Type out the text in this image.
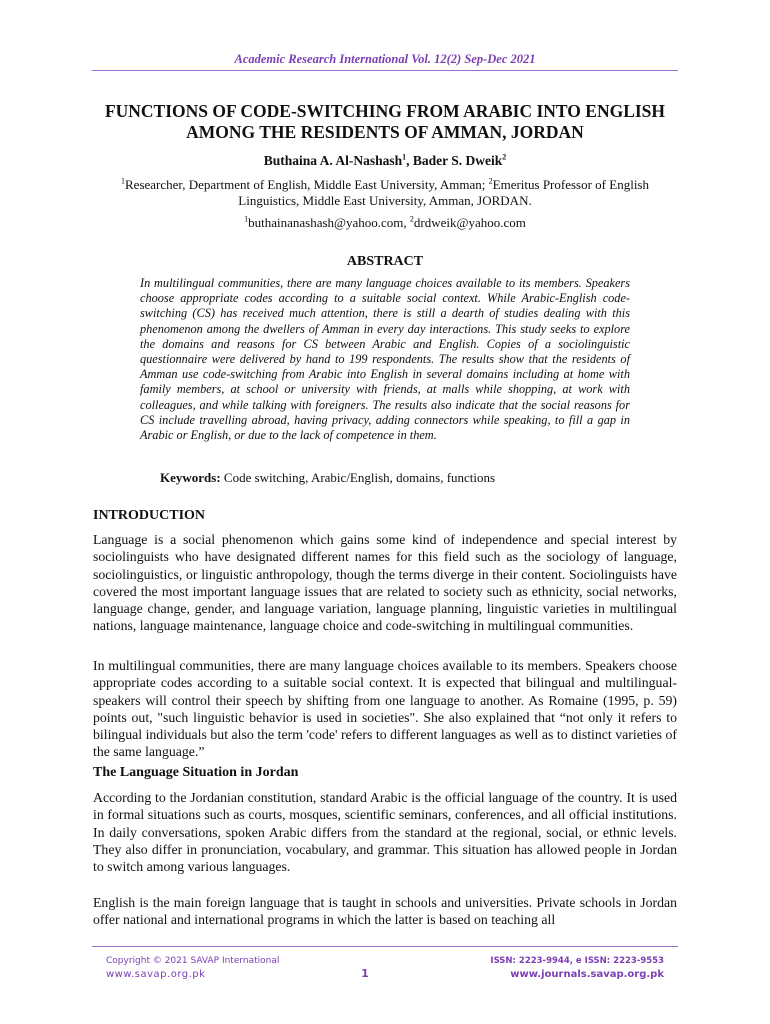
Academic Research International Vol. 12(2) Sep-Dec 2021
FUNCTIONS OF CODE-SWITCHING FROM ARABIC INTO ENGLISH AMONG THE RESIDENTS OF AMMAN, JORDAN
Buthaina A. Al-Nashash$^1$, Bader S. Dweik$^2$
$^1$Researcher, Department of English, Middle East University, Amman; $^2$Emeritus Professor of English Linguistics, Middle East University, Amman, JORDAN.
$^1$buthainanashash@yahoo.com, $^2$drdweik@yahoo.com
ABSTRACT
In multilingual communities, there are many language choices available to its members. Speakers choose appropriate codes according to a suitable social context. While Arabic-English code-switching (CS) has received much attention, there is still a dearth of studies dealing with this phenomenon among the dwellers of Amman in every day interactions. This study seeks to explore the domains and reasons for CS between Arabic and English. Copies of a sociolinguistic questionnaire were delivered by hand to 199 respondents. The results show that the residents of Amman use code-switching from Arabic into English in several domains including at home with family members, at school or university with friends, at malls while shopping, at work with colleagues, and while talking with foreigners. The results also indicate that the social reasons for CS include travelling abroad, having privacy, adding connectors while speaking, to fill a gap in Arabic or English, or due to the lack of competence in them.
Keywords: Code switching, Arabic/English, domains, functions
INTRODUCTION
Language is a social phenomenon which gains some kind of independence and special interest by sociolinguists who have designated different names for this field such as the sociology of language, sociolinguistics, or linguistic anthropology, though the terms diverge in their content. Sociolinguists have covered the most important language issues that are related to society such as ethnicity, social networks, language change, gender, and language variation, language planning, linguistic varieties in multilingual nations, language maintenance, language choice and code-switching in multilingual communities.
In multilingual communities, there are many language choices available to its members. Speakers choose appropriate codes according to a suitable social context. It is expected that bilingual and multilingual-speakers will control their speech by shifting from one language to another. As Romaine (1995, p. 59) points out, "such linguistic behavior is used in societies". She also explained that “not only it refers to bilingual individuals but also the term 'code' refers to different languages as well as to distinct varieties of the same language.”
The Language Situation in Jordan
According to the Jordanian constitution, standard Arabic is the official language of the country. It is used in formal situations such as courts, mosques, scientific seminars, conferences, and all official institutions. In daily conversations, spoken Arabic differs from the standard at the regional, social, or ethnic levels. They also differ in pronunciation, vocabulary, and grammar. This situation has allowed people in Jordan to switch among various languages.
English is the main foreign language that is taught in schools and universities. Private schools in Jordan offer national and international programs in which the latter is based on teaching all
Copyright © 2021 SAVAP International
www.savap.org.pk	1
ISSN: 2223-9944, e ISSN: 2223-9553
www.journals.savap.org.pk
